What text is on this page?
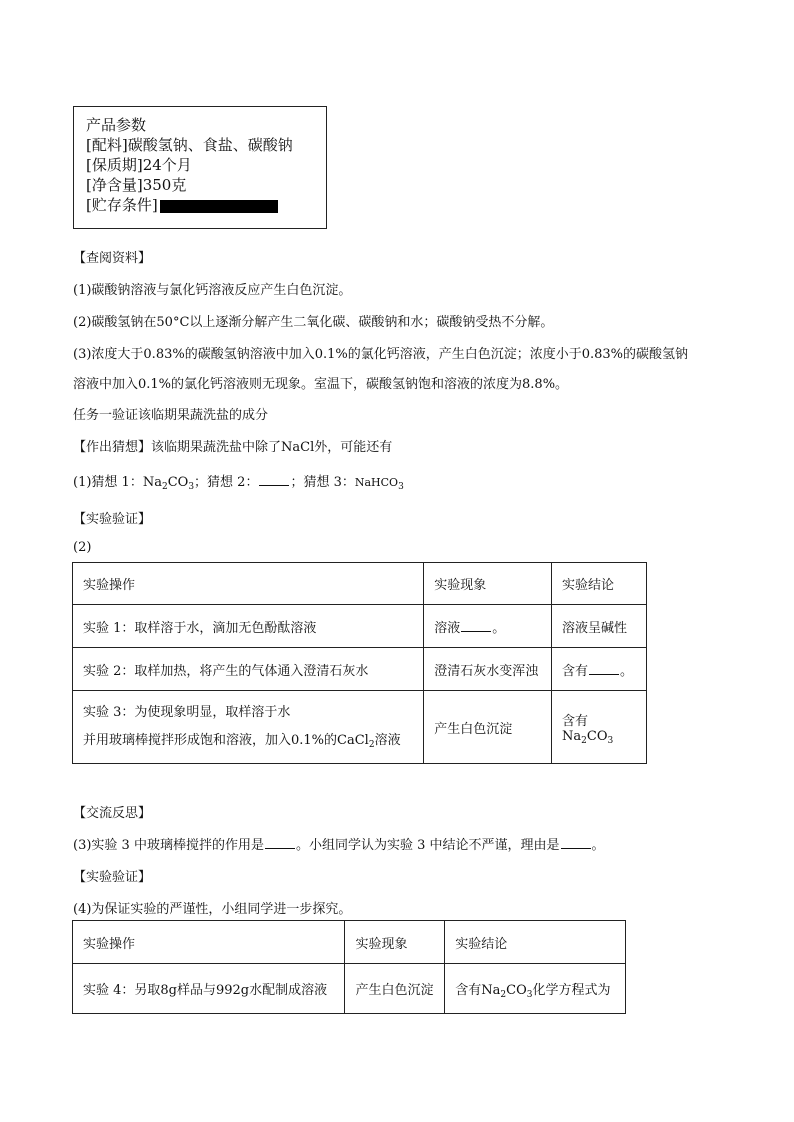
产品参数
[配料]碳酸氢钠、食盐、碳酸钠
[保质期]24个月
[净含量]350克
[贮存条件]
【查阅资料】
(1)碳酸钠溶液与氯化钙溶液反应产生白色沉淀。
(2)碳酸氢钠在50°C以上逐渐分解产生二氧化碳、碳酸钠和水；碳酸钠受热不分解。
(3)浓度大于0.83%的碳酸氢钠溶液中加入0.1%的氯化钙溶液，产生白色沉淀；浓度小于0.83%的碳酸氢钠
溶液中加入0.1%的氯化钙溶液则无现象。室温下，碳酸氢钠饱和溶液的浓度为8.8%。
任务一验证该临期果蔬洗盐的成分
【作出猜想】该临期果蔬洗盐中除了NaCl外，可能还有
(1)猜想 1：$Na_2CO_3$；猜想 2： ；猜想 3：NaHCO$_3$
【实验验证】
(2)
实验操作	实验现象	实验结论
实验 1：取样溶于水，滴加无色酚酞溶液	溶液 。	溶液呈碱性
实验 2：取样加热，将产生的气体通入澄清石灰水	澄清石灰水变浑浊	含有 。

实验 3：为使现象明显，取样溶于水
并用玻璃棒搅拌形成饱和溶液，加入0.1%的CaCl$_2$溶液	产生白色沉淀	含有 $Na_2CO_3$
【交流反思】
(3)实验 3 中玻璃棒搅拌的作用是 。小组同学认为实验 3 中结论不严谨，理由是 。
【实验验证】
(4)为保证实验的严谨性，小组同学进一步探究。
实验操作	实验现象	实验结论
实验 4：另取8g样品与992g水配制成溶液	产生白色沉淀	含有$Na_2CO_3$化学方程式为
